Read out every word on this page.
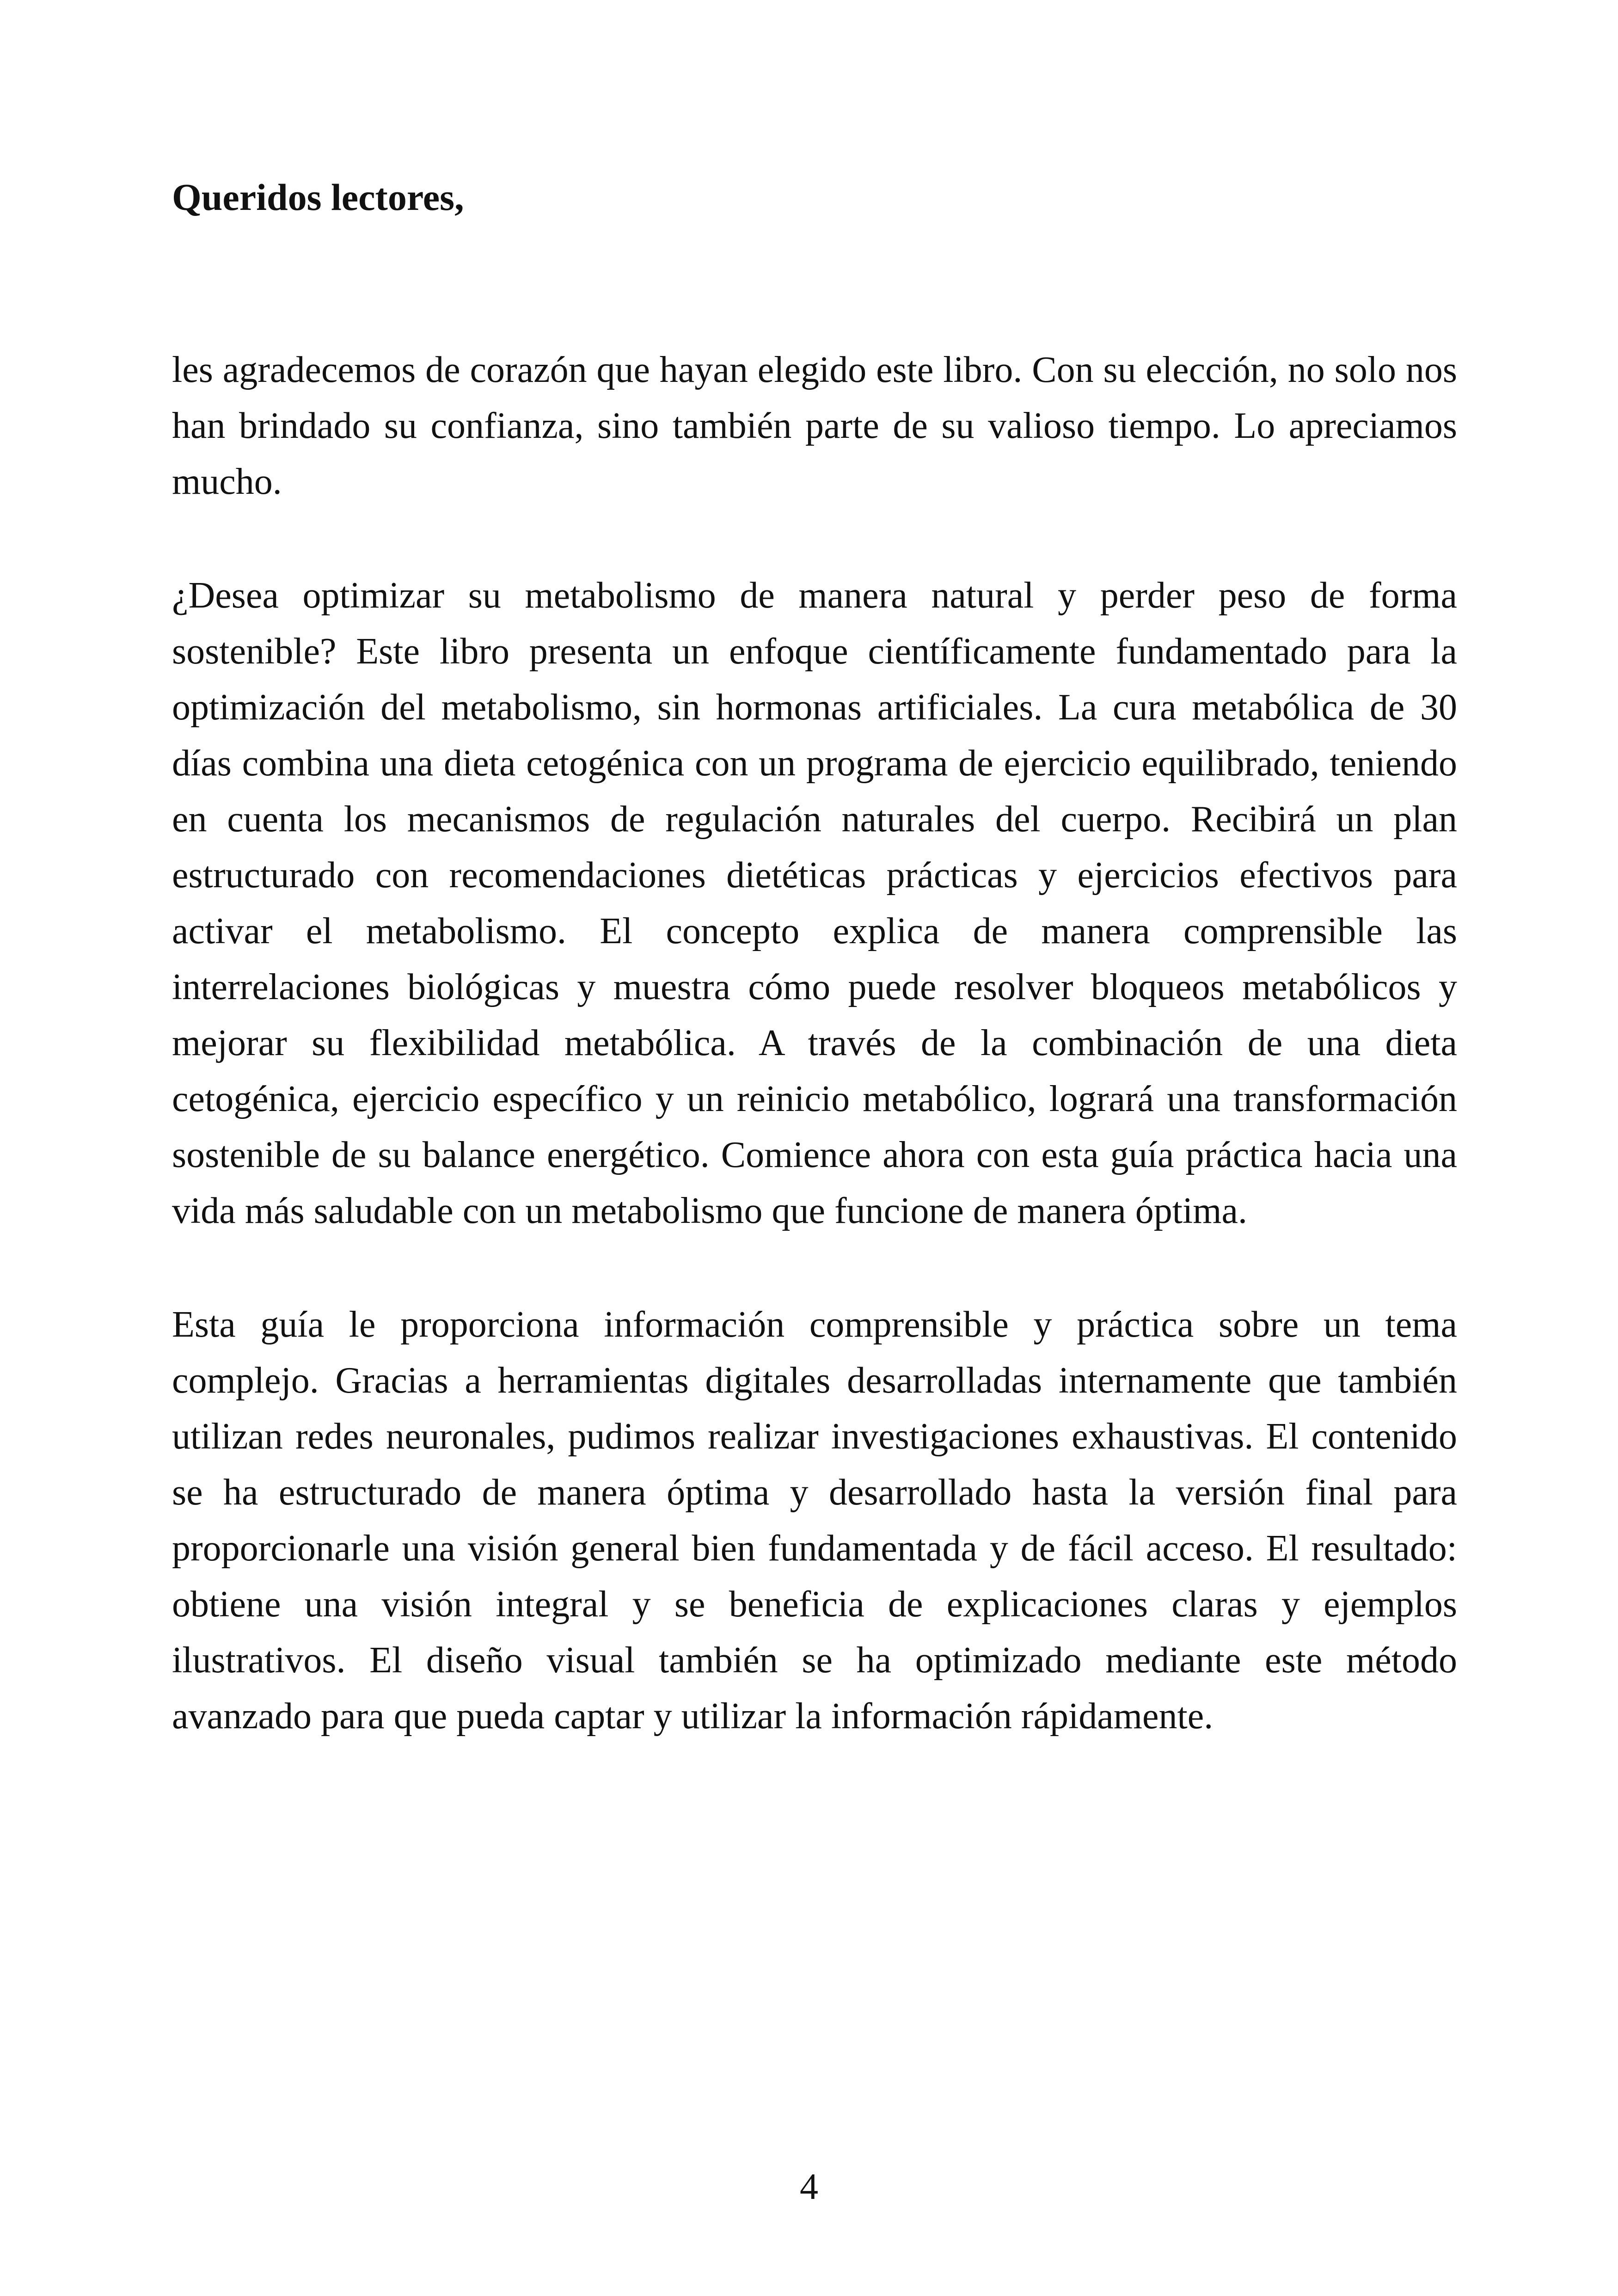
Queridos lectores,

les agradecemos de corazón que hayan elegido este libro. Con su elección, no solo nos han brindado su confianza, sino también parte de su valioso tiempo. Lo apreciamos mucho.

¿Desea optimizar su metabolismo de manera natural y perder peso de forma sostenible? Este libro presenta un enfoque científicamente fundamentado para la optimización del metabolismo, sin hormonas artificiales. La cura metabólica de 30 días combina una dieta cetogénica con un programa de ejercicio equilibrado, teniendo en cuenta los mecanismos de regulación naturales del cuerpo. Recibirá un plan estructurado con recomendaciones dietéticas prácticas y ejercicios efectivos para activar el metabolismo. El concepto explica de manera comprensible las interrelaciones biológicas y muestra cómo puede resolver bloqueos metabólicos y mejorar su flexibilidad metabólica. A través de la combinación de una dieta cetogénica, ejercicio específico y un reinicio metabólico, logrará una transformación sostenible de su balance energético. Comience ahora con esta guía práctica hacia una vida más saludable con un metabolismo que funcione de manera óptima.

Esta guía le proporciona información comprensible y práctica sobre un tema complejo. Gracias a herramientas digitales desarrolladas internamente que también utilizan redes neuronales, pudimos realizar investigaciones exhaustivas. El contenido se ha estructurado de manera óptima y desarrollado hasta la versión final para proporcionarle una visión general bien fundamentada y de fácil acceso. El resultado: obtiene una visión integral y se beneficia de explicaciones claras y ejemplos ilustrativos. El diseño visual también se ha optimizado mediante este método avanzado para que pueda captar y utilizar la información rápidamente.

4
